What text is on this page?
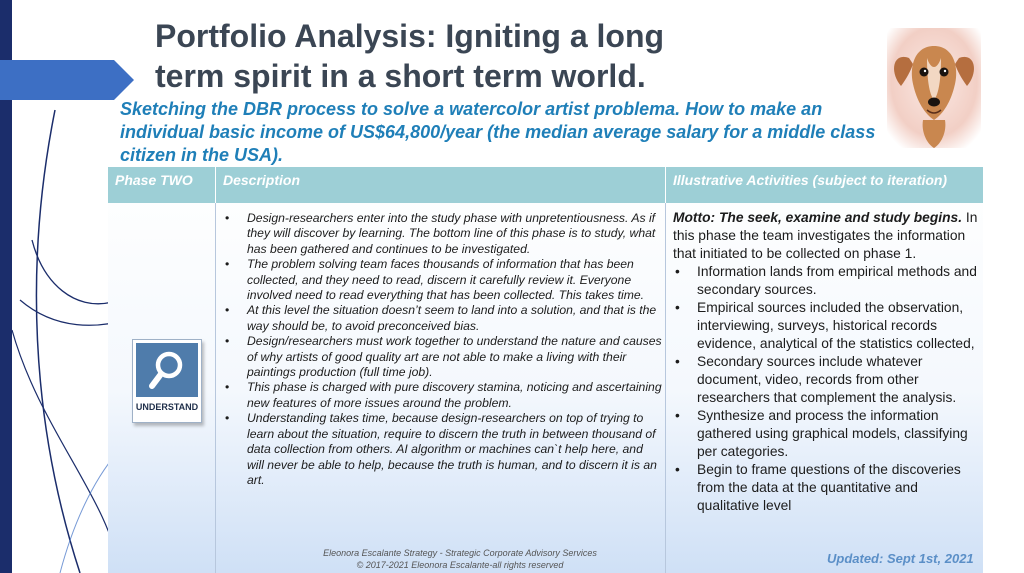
Portfolio Analysis: Igniting a long
term spirit in a short term world.

Sketching the DBR process to solve a watercolor artist problema. How to make an individual basic income of US$64,800/year (the median average salary for a middle class citizen in the USA).

Phase TWO	Description	Illustrative Activities (subject to iteration)
UNDERSTAND
• Design-researchers enter into the study phase with unpretentiousness. As if they will discover by learning. The bottom line of this phase is to study, what has been gathered and continues to be investigated.
• The problem solving team faces thousands of information that has been collected, and they need to read, discern it carefully review it. Everyone involved need to read everything that has been collected. This takes time.
• At this level the situation doesn’t seem to land into a solution, and that is the way should be, to avoid preconceived bias.
• Design/researchers must work together to understand the nature and causes of why artists of good quality art are not able to make a living with their paintings production (full time job).
• This phase is charged with pure discovery stamina, noticing and ascertaining new features of more issues around the problem.
• Understanding takes time, because design-researchers on top of trying to learn about the situation, require to discern the truth in between thousand of data collection from others. AI algorithm or machines can`t help here, and will never be able to help, because the truth is human, and to discern it is an art.

Motto: The seek, examine and study begins. In this phase the team investigates the information that initiated to be collected on phase 1.

• Information lands from empirical methods and secondary sources.
• Empirical sources included the observation, interviewing, surveys, historical records evidence, analytical of the statistics collected,
• Secondary sources include whatever document, video, records from other researchers that complement the analysis.
• Synthesize and process the information gathered using graphical models, classifying per categories.
• Begin to frame questions of the discoveries from the data at the quantitative and qualitative level
Updated: Sept 1st, 2021
Eleonora Escalante Strategy - Strategic Corporate Advisory Services
© 2017-2021 Eleonora Escalante-all rights reserved
